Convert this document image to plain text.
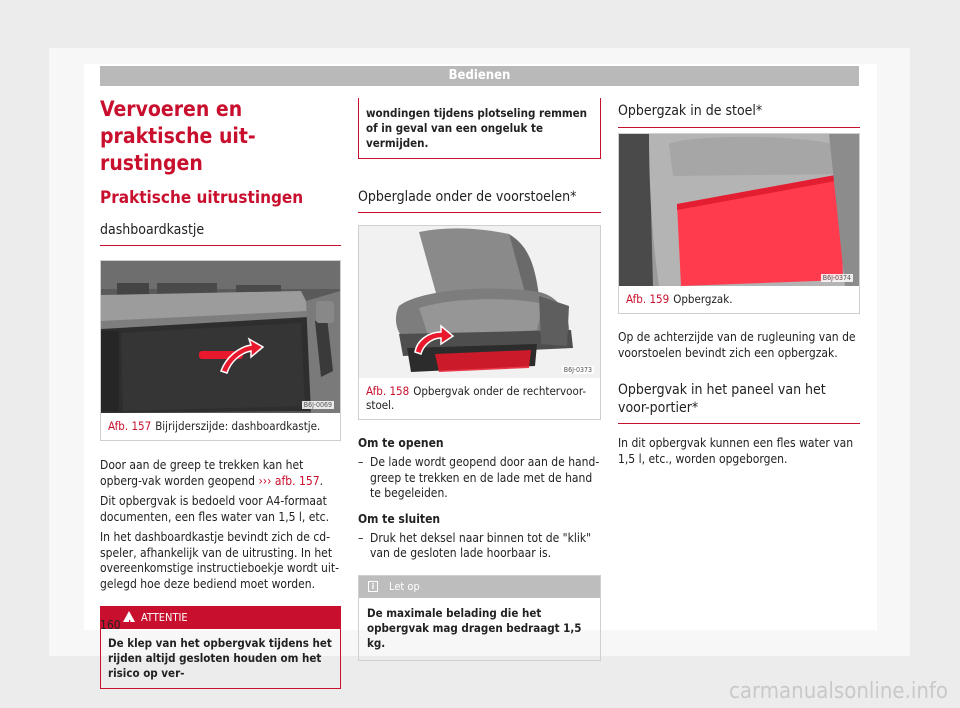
Bedienen
Vervoeren en praktische uit-rustingen
Praktische uitrustingen
dashboardkastje
B6J-0069
Afb. 157 Bijrijderszijde: dashboardkastje.

Door aan de greep te trekken kan het opberg-vak worden geopend ››› afb. 157.

Dit opbergvak is bedoeld voor A4-formaat documenten, een fles water van 1,5 l, etc.

In het dashboardkastje bevindt zich de cd-speler, afhankelijk van de uitrusting. In het overeenkomstige instructieboekje wordt uit-gelegd hoe deze bediend moet worden.

! ATTENTIE
De klep van het opbergvak tijdens het rijden altijd gesloten houden om het risico op ver-
wondingen tijdens plotseling remmen of in geval van een ongeluk te vermijden.
Opberglade onder de voorstoelen*
B6J-0373
Afb. 158 Opbergvak onder de rechtervoor-stoel.
Om te openen
– De lade wordt geopend door aan de hand-greep te trekken en de lade met de hand te begeleiden.
Om te sluiten
– Druk het deksel naar binnen tot de "klik" van de gesloten lade hoorbaar is.
i	Let op
De maximale belading die het opbergvak mag dragen bedraagt 1,5 kg.
Opbergzak in de stoel*
B6J-0374
Afb. 159 Opbergzak.

Op de achterzijde van de rugleuning van de voorstoelen bevindt zich een opbergzak.

Opbergvak in het paneel van het voor-portier*

In dit opbergvak kunnen een fles water van 1,5 l, etc., worden opgeborgen.

160
carmanualsonline.info
